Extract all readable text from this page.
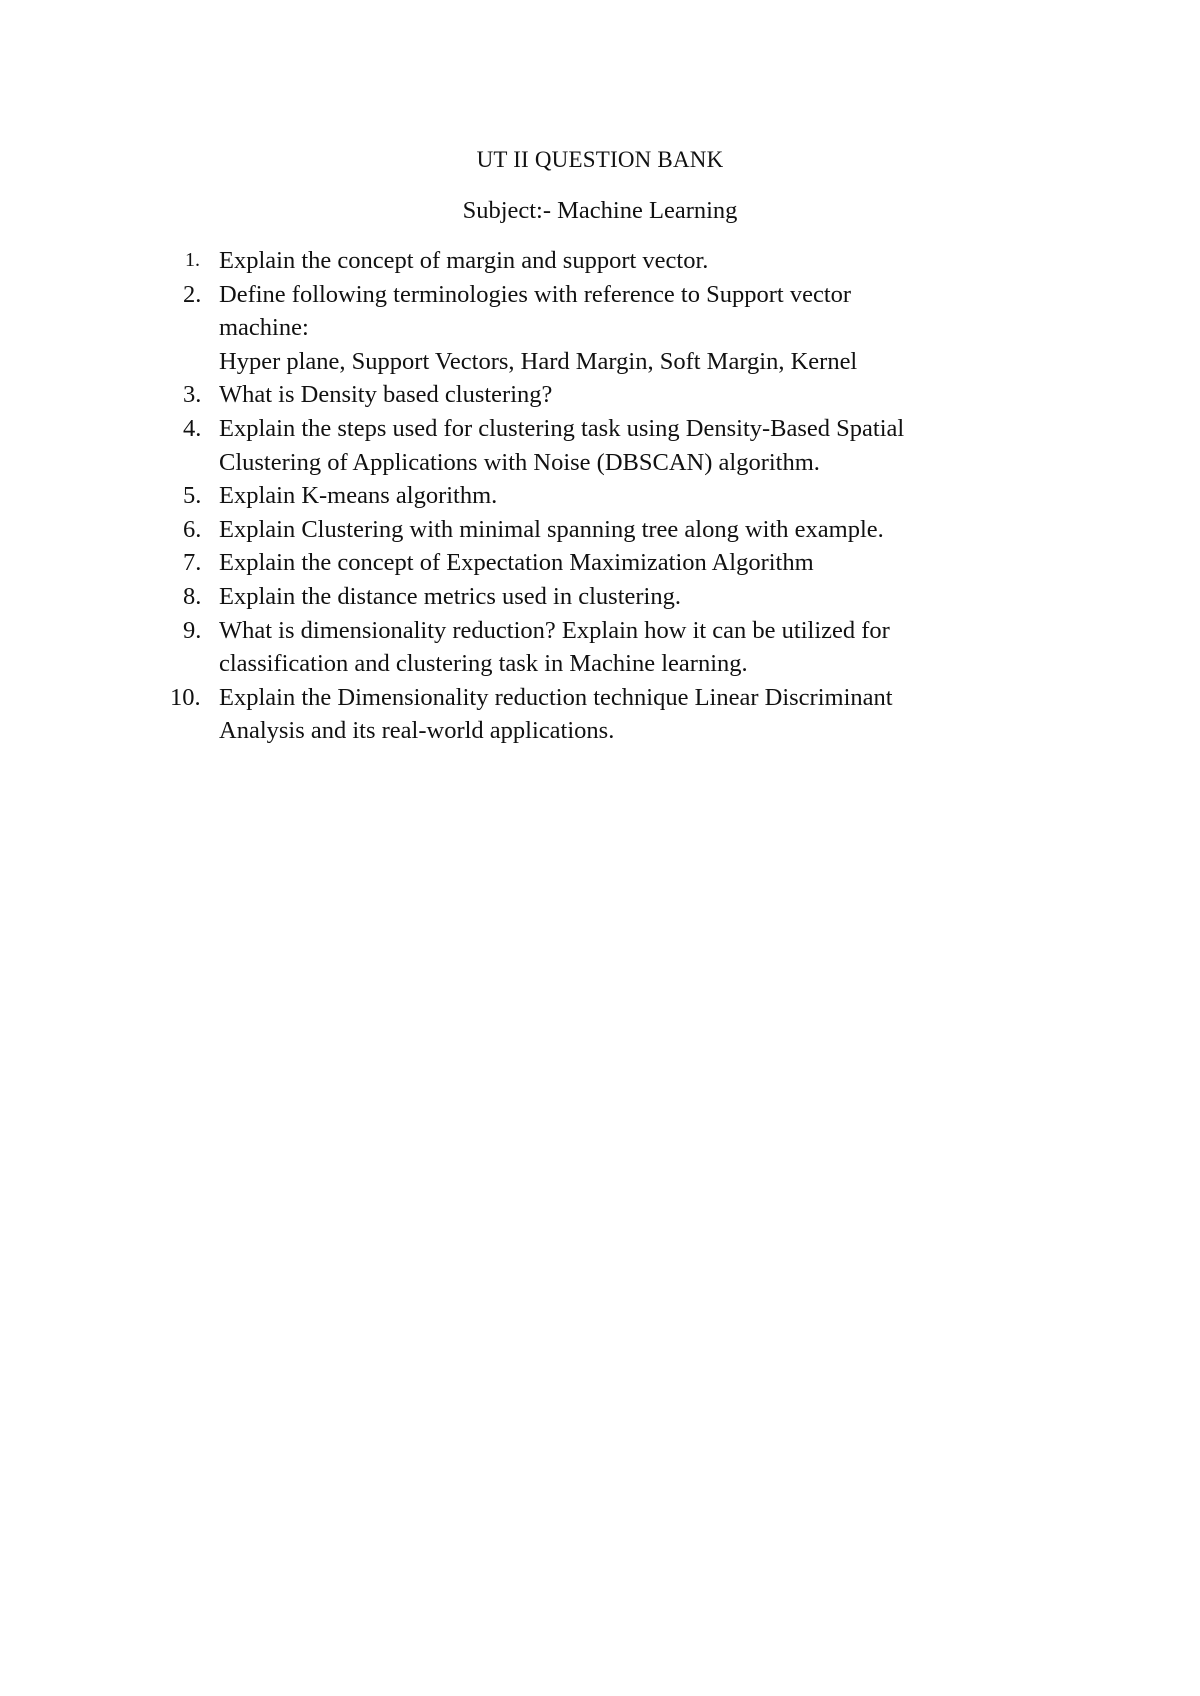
UT II QUESTION BANK
Subject:- Machine Learning
1. Explain the concept of margin and support vector.
2. Define following terminologies with reference to Support vector
machine:
Hyper plane, Support Vectors, Hard Margin, Soft Margin, Kernel
3. What is Density based clustering?
4. Explain the steps used for clustering task using Density-Based Spatial
Clustering of Applications with Noise (DBSCAN) algorithm.
5. Explain K-means algorithm.
6. Explain Clustering with minimal spanning tree along with example.
7. Explain the concept of Expectation Maximization Algorithm
8. Explain the distance metrics used in clustering.
9. What is dimensionality reduction? Explain how it can be utilized for
classification and clustering task in Machine learning.
10. Explain the Dimensionality reduction technique Linear Discriminant
Analysis and its real-world applications.
